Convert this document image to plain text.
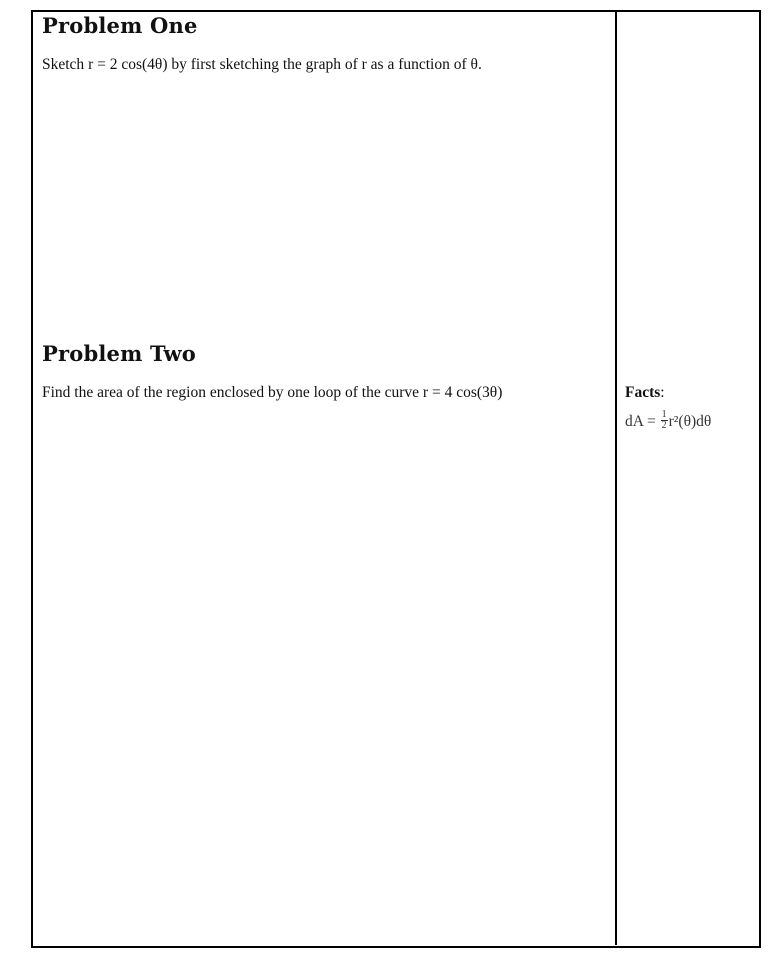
Problem One

Sketch r = 2 cos(4θ) by first sketching the graph of r as a function of θ.

Problem Two

Find the area of the region enclosed by one loop of the curve r = 4 cos(3θ)	Facts:
dA = $\frac{1}{2} r^2(\theta)d\theta$
